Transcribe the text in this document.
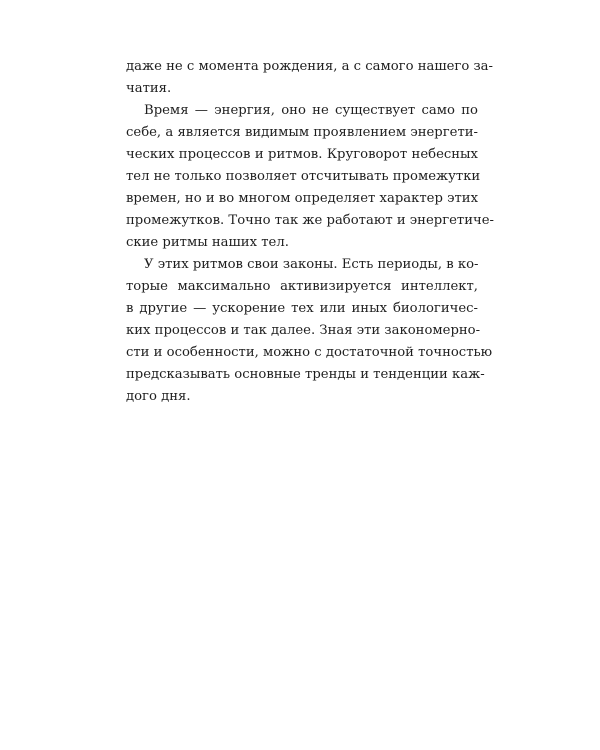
даже не с момента рождения, а с самого нашего за-
чатия.
Время — энергия, оно не существует само по
себе, а является видимым проявлением энергети-
ческих процессов и ритмов. Круговорот небесных
тел не только позволяет отсчитывать промежутки
времен, но и во многом определяет характер этих
промежутков. Точно так же работают и энергетиче-
ские ритмы наших тел.
У этих ритмов свои законы. Есть периоды, в ко-
торые максимально активизируется интеллект,
в другие — ускорение тех или иных биологичес-
ких процессов и так далее. Зная эти закономерно-
сти и особенности, можно с достаточной точностью
предсказывать основные тренды и тенденции каж-
дого дня.
